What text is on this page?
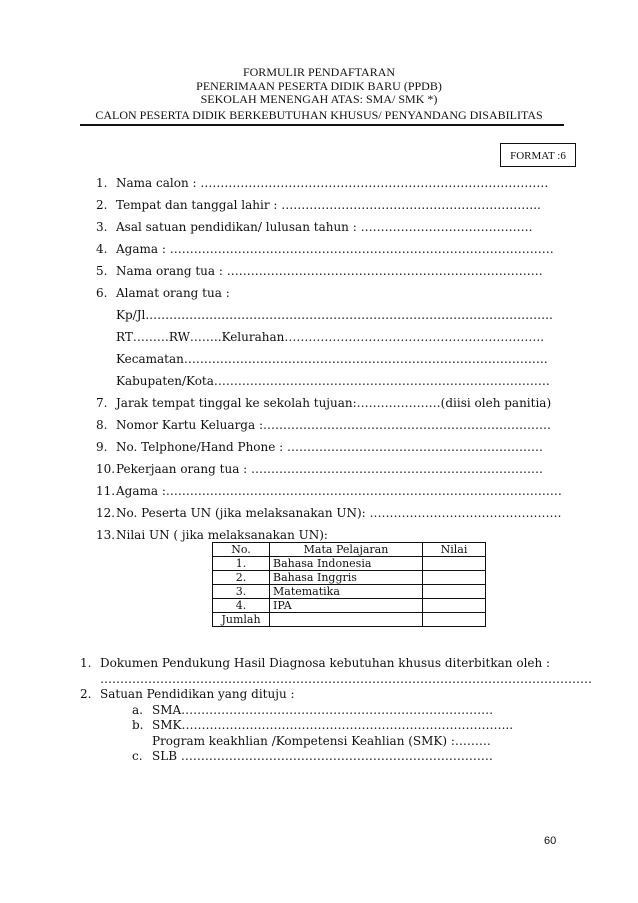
FORMULIR PENDAFTARAN
PENERIMAAN PESERTA DIDIK BARU (PPDB)
SEKOLAH MENENGAH ATAS: SMA/ SMK *)
CALON PESERTA DIDIK BERKEBUTUHAN KHUSUS/ PENYANDANG DISABILITAS
FORMAT :6
1. Nama calon : ……………………………………………………………………………
2. Tempat dan tanggal lahir : ………………………………………………………..
3. Asal satuan pendidikan/ lulusan tahun : …………………………………….
4. Agama : ……………………………………………………………………………………
5. Nama orang tua : …………………………………………………………………….
6. Alamat orang tua :
Kp/Jl.………………………………………………………………………………………..
RT………RW……..Kelurahan………………………………………………………..
Kecamatan……………………………………………………………………………….
Kabupaten/Kota…………………………………………………………………………
7. Jarak tempat tinggal ke sekolah tujuan:…………………(diisi oleh panitia)
8. Nomor Kartu Keluarga :………………………………………………………………
9. No. Telphone/Hand Phone : ……………………………………………………….
10. Pekerjaan orang tua : ……………………………………………………………….
11. Agama :………………………………………………………………………………………
12. No. Peserta UN (jika melaksanakan UN): …………………………………………
13. Nilai UN ( jika melaksanakan UN):
No.	Mata Pelajaran	Nilai
1.	Bahasa Indonesia	
2.	Bahasa Inggris	
3.	Matematika	
4.	IPA	
Jumlah		
1. Dokumen Pendukung Hasil Diagnosa kebutuhan khusus diterbitkan oleh :
……………………………………………………………………………………………………………
2. Satuan Pendidikan yang dituju :
a. SMA……………………………………………………………………
b. SMK………………………………………………………………………..
Program keakhlian /Kompetensi Keahlian (SMK) :………
c. SLB ……………………………………………………………………
60
